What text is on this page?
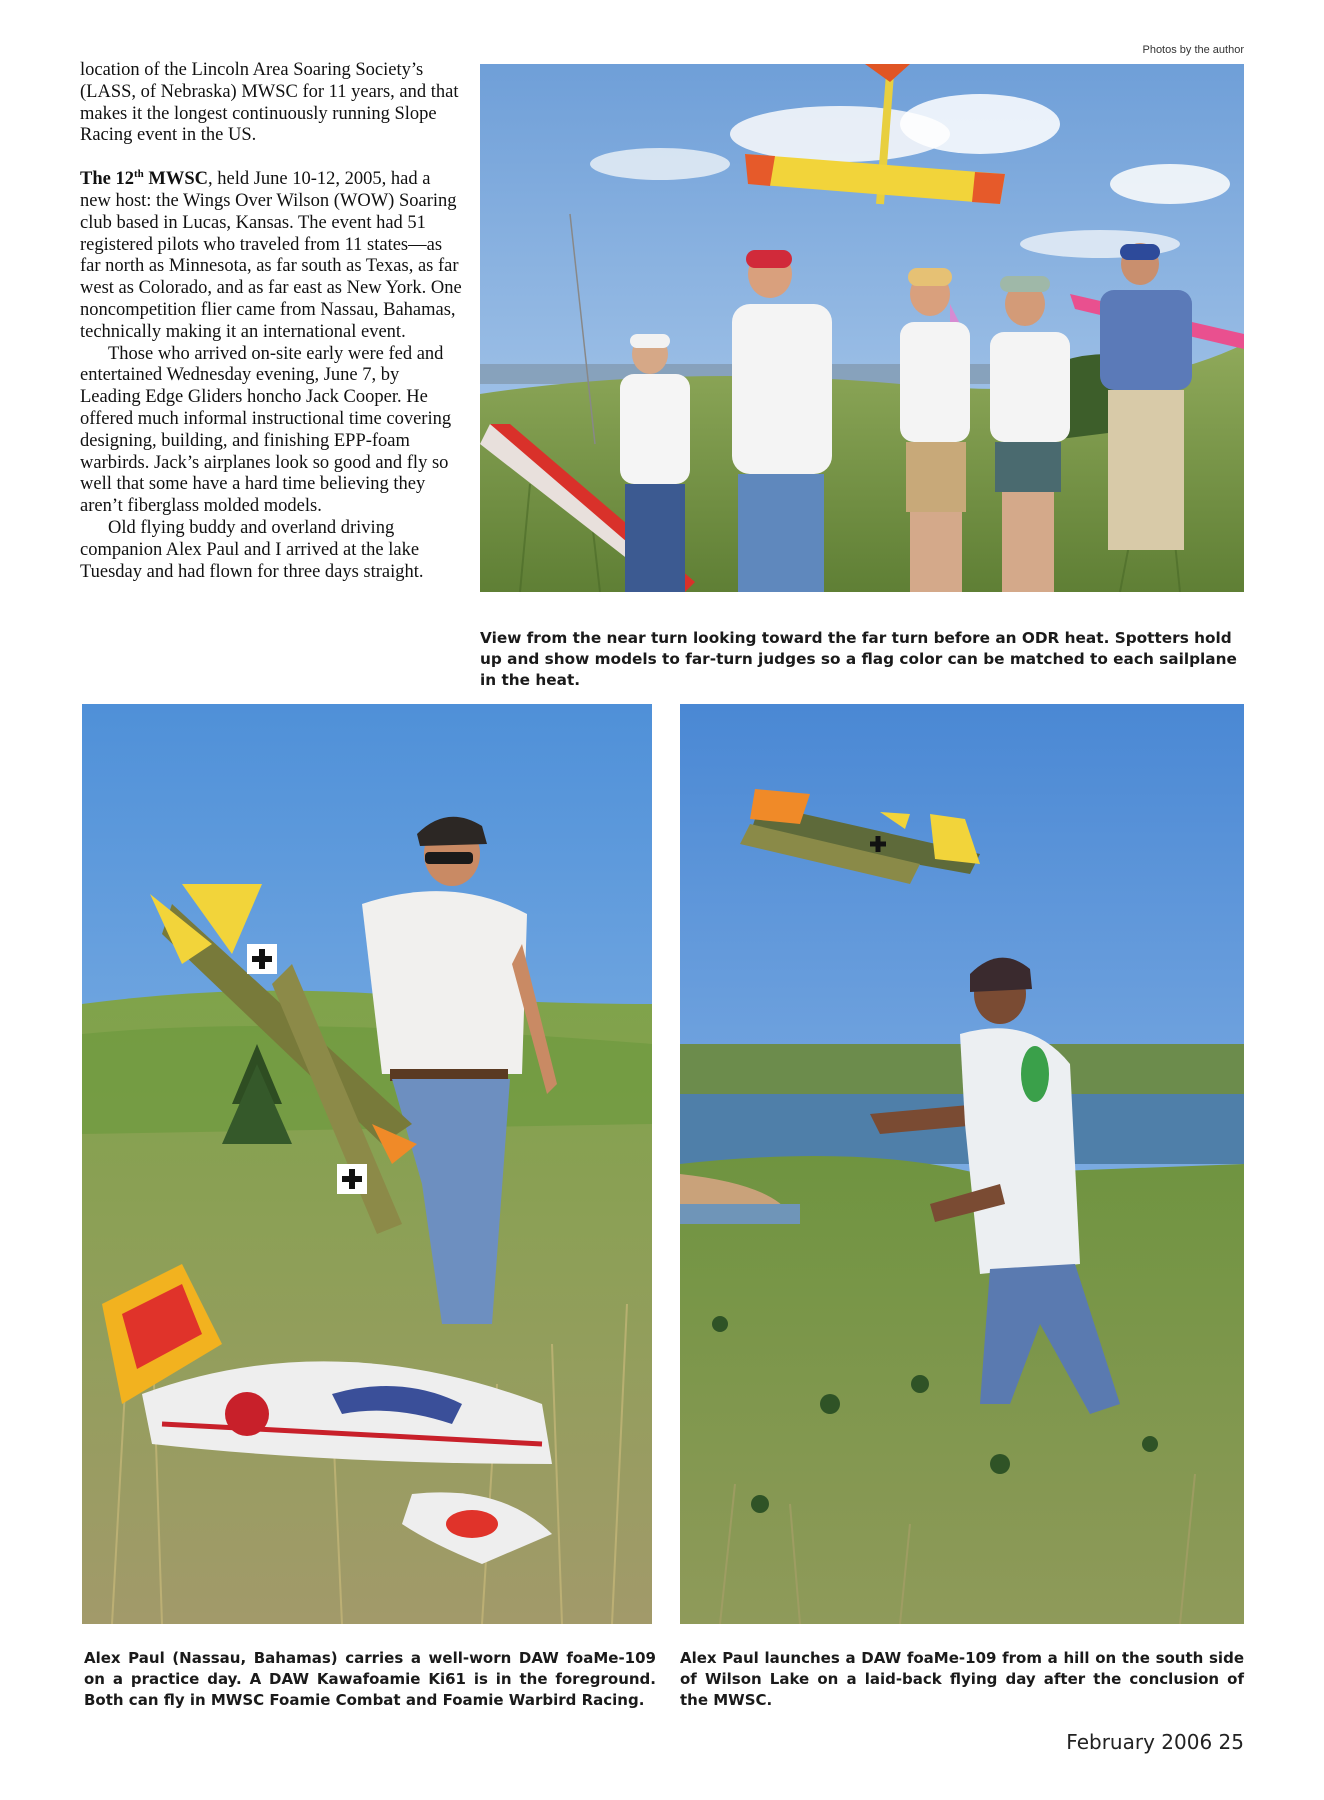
Photos by the author

location of the Lincoln Area Soaring Society’s (LASS, of Nebraska) MWSC for 11 years, and that makes it the longest continuously running Slope Racing event in the US.

The 12th MWSC, held June 10-12, 2005, had a new host: the Wings Over Wilson (WOW) Soaring club based in Lucas, Kansas. The event had 51 registered pilots who traveled from 11 states—as far north as Minnesota, as far south as Texas, as far west as Colorado, and as far east as New York. One noncompetition flier came from Nassau, Bahamas, technically making it an international event.

Those who arrived on-site early were fed and entertained Wednesday evening, June 7, by Leading Edge Gliders honcho Jack Cooper. He offered much informal instructional time covering designing, building, and finishing EPP-foam warbirds. Jack’s airplanes look so good and fly so well that some have a hard time believing they aren’t fiberglass molded models.

Old flying buddy and overland driving companion Alex Paul and I arrived at the lake Tuesday and had flown for three days straight.

View from the near turn looking toward the far turn before an ODR heat. Spotters hold up and show models to far-turn judges so a flag color can be matched to each sailplane in the heat.

Alex Paul (Nassau, Bahamas) carries a well-worn DAW foaMe-109 on a practice day. A DAW Kawafoamie Ki61 is in the foreground. Both can fly in MWSC Foamie Combat and Foamie Warbird Racing.

Alex Paul launches a DAW foaMe-109 from a hill on the south side of Wilson Lake on a laid-back flying day after the conclusion of the MWSC.

February 2006 25
